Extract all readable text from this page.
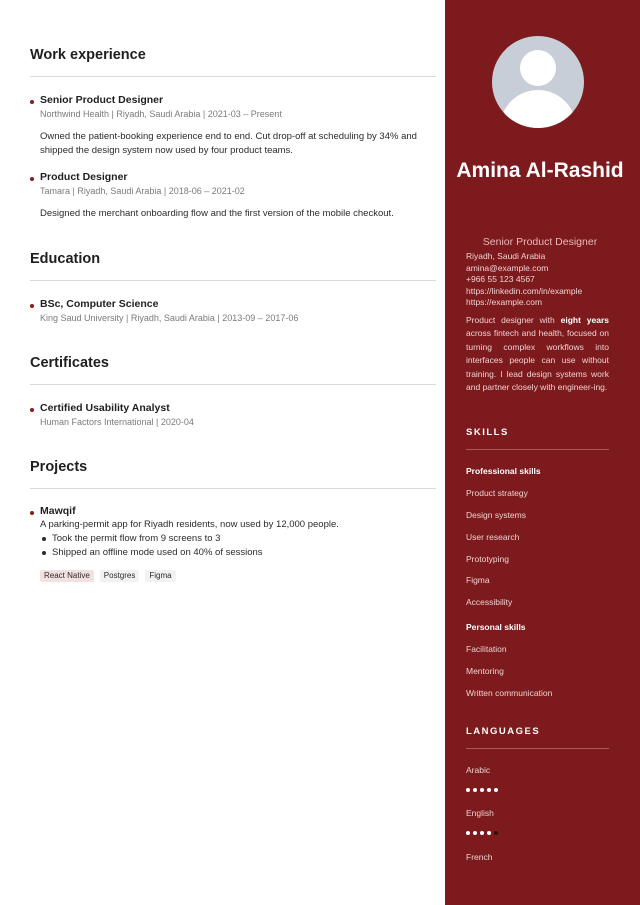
Work experience
Senior Product Designer
Northwind Health | Riyadh, Saudi Arabia | 2021-03 – Present
Owned the patient-booking experience end to end. Cut drop-off at scheduling by 34% and shipped the design system now used by four product teams.
Product Designer
Tamara | Riyadh, Saudi Arabia | 2018-06 – 2021-02
Designed the merchant onboarding flow and the first version of the mobile checkout.
Education
BSc, Computer Science
King Saud University | Riyadh, Saudi Arabia | 2013-09 – 2017-06
Certificates
Certified Usability Analyst
Human Factors International | 2020-04
Projects
Mawqif
A parking-permit app for Riyadh residents, now used by 12,000 people.
Took the permit flow from 9 screens to 3
Shipped an offline mode used on 40% of sessions
React Native	Postgres	Figma
Amina Al-Rashid
Senior Product Designer
Riyadh, Saudi Arabia
amina@example.com
+966 55 123 4567
https://linkedin.com/in/example
https://example.com
Product designer with eight years across fintech and health, focused on turning complex workflows into interfaces people can use without training. I lead design systems work and partner closely with engineer-ing.
SKILLS
Professional skills
Product strategy
Design systems
User research
Prototyping
Figma
Accessibility
Personal skills
Facilitation
Mentoring
Written communication
LANGUAGES
Arabic
English
French
